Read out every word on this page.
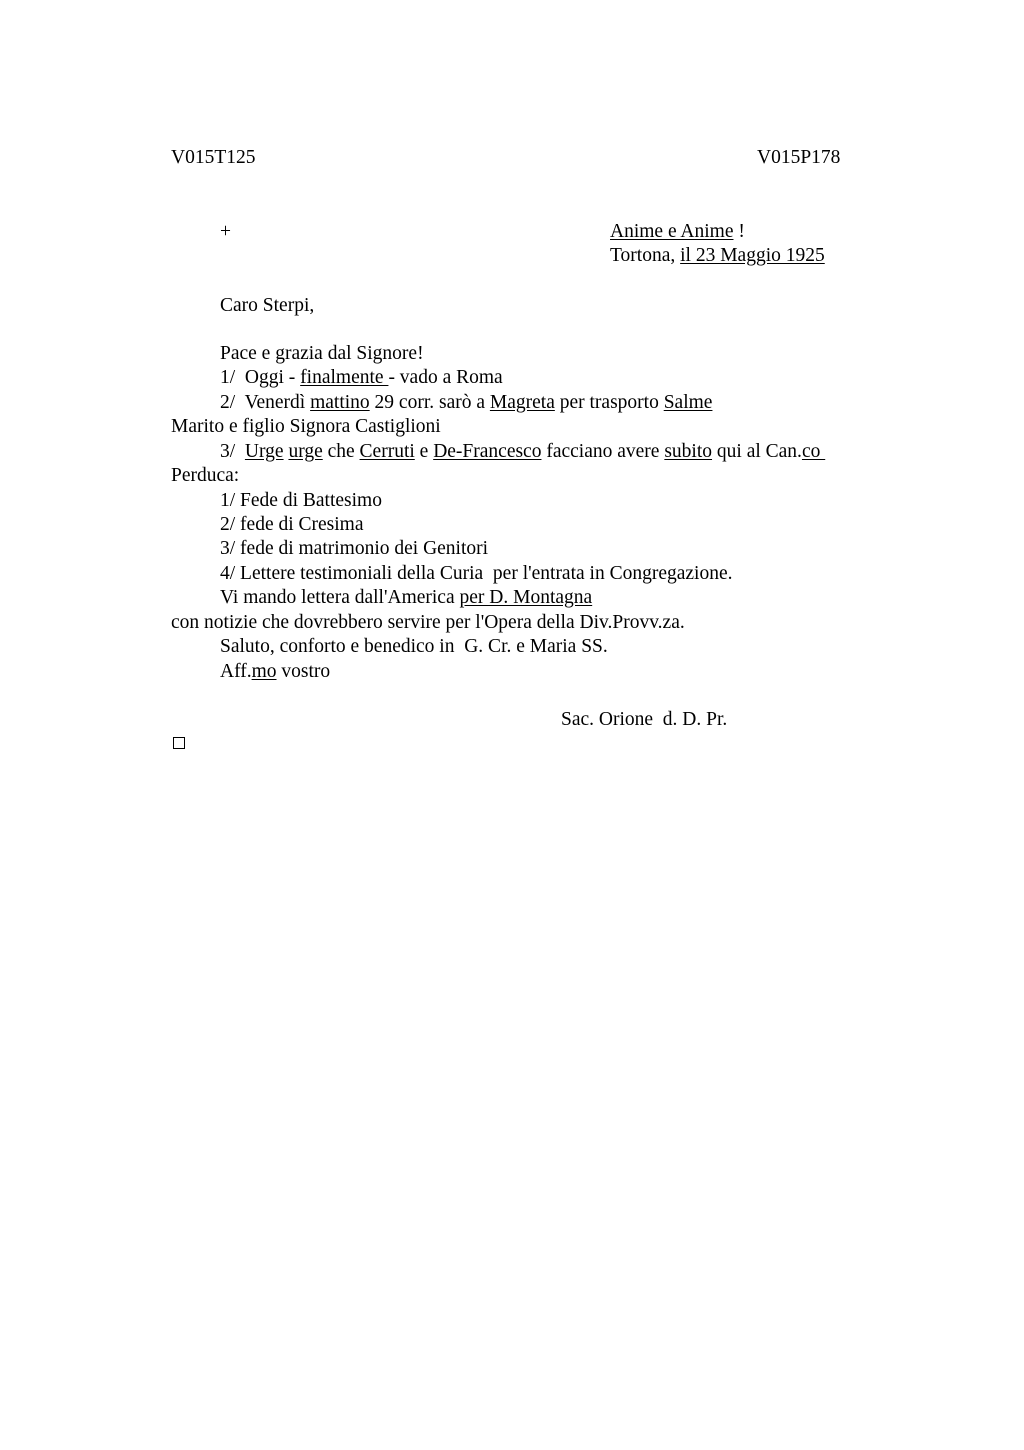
V015T125	V015P178
+	Anime e Anime !
Tortona, il 23 Maggio 1925
Caro Sterpi,
Pace e grazia dal Signore!
1/  Oggi - finalmente - vado a Roma
2/  Venerdì mattino 29 corr. sarò a Magreta per trasporto Salme
Marito e figlio Signora Castiglioni
3/  Urge urge che Cerruti e De-Francesco facciano avere subito qui al Can.co
Perduca:
1/ Fede di Battesimo
2/ fede di Cresima
3/ fede di matrimonio dei Genitori
4/ Lettere testimoniali della Curia  per l'entrata in Congregazione.
Vi mando lettera dall'America per D. Montagna
con notizie che dovrebbero servire per l'Opera della Div.Provv.za.
Saluto, conforto e benedico in  G. Cr. e Maria SS.
Aff.mo vostro
Sac. Orione  d. D. Pr.
